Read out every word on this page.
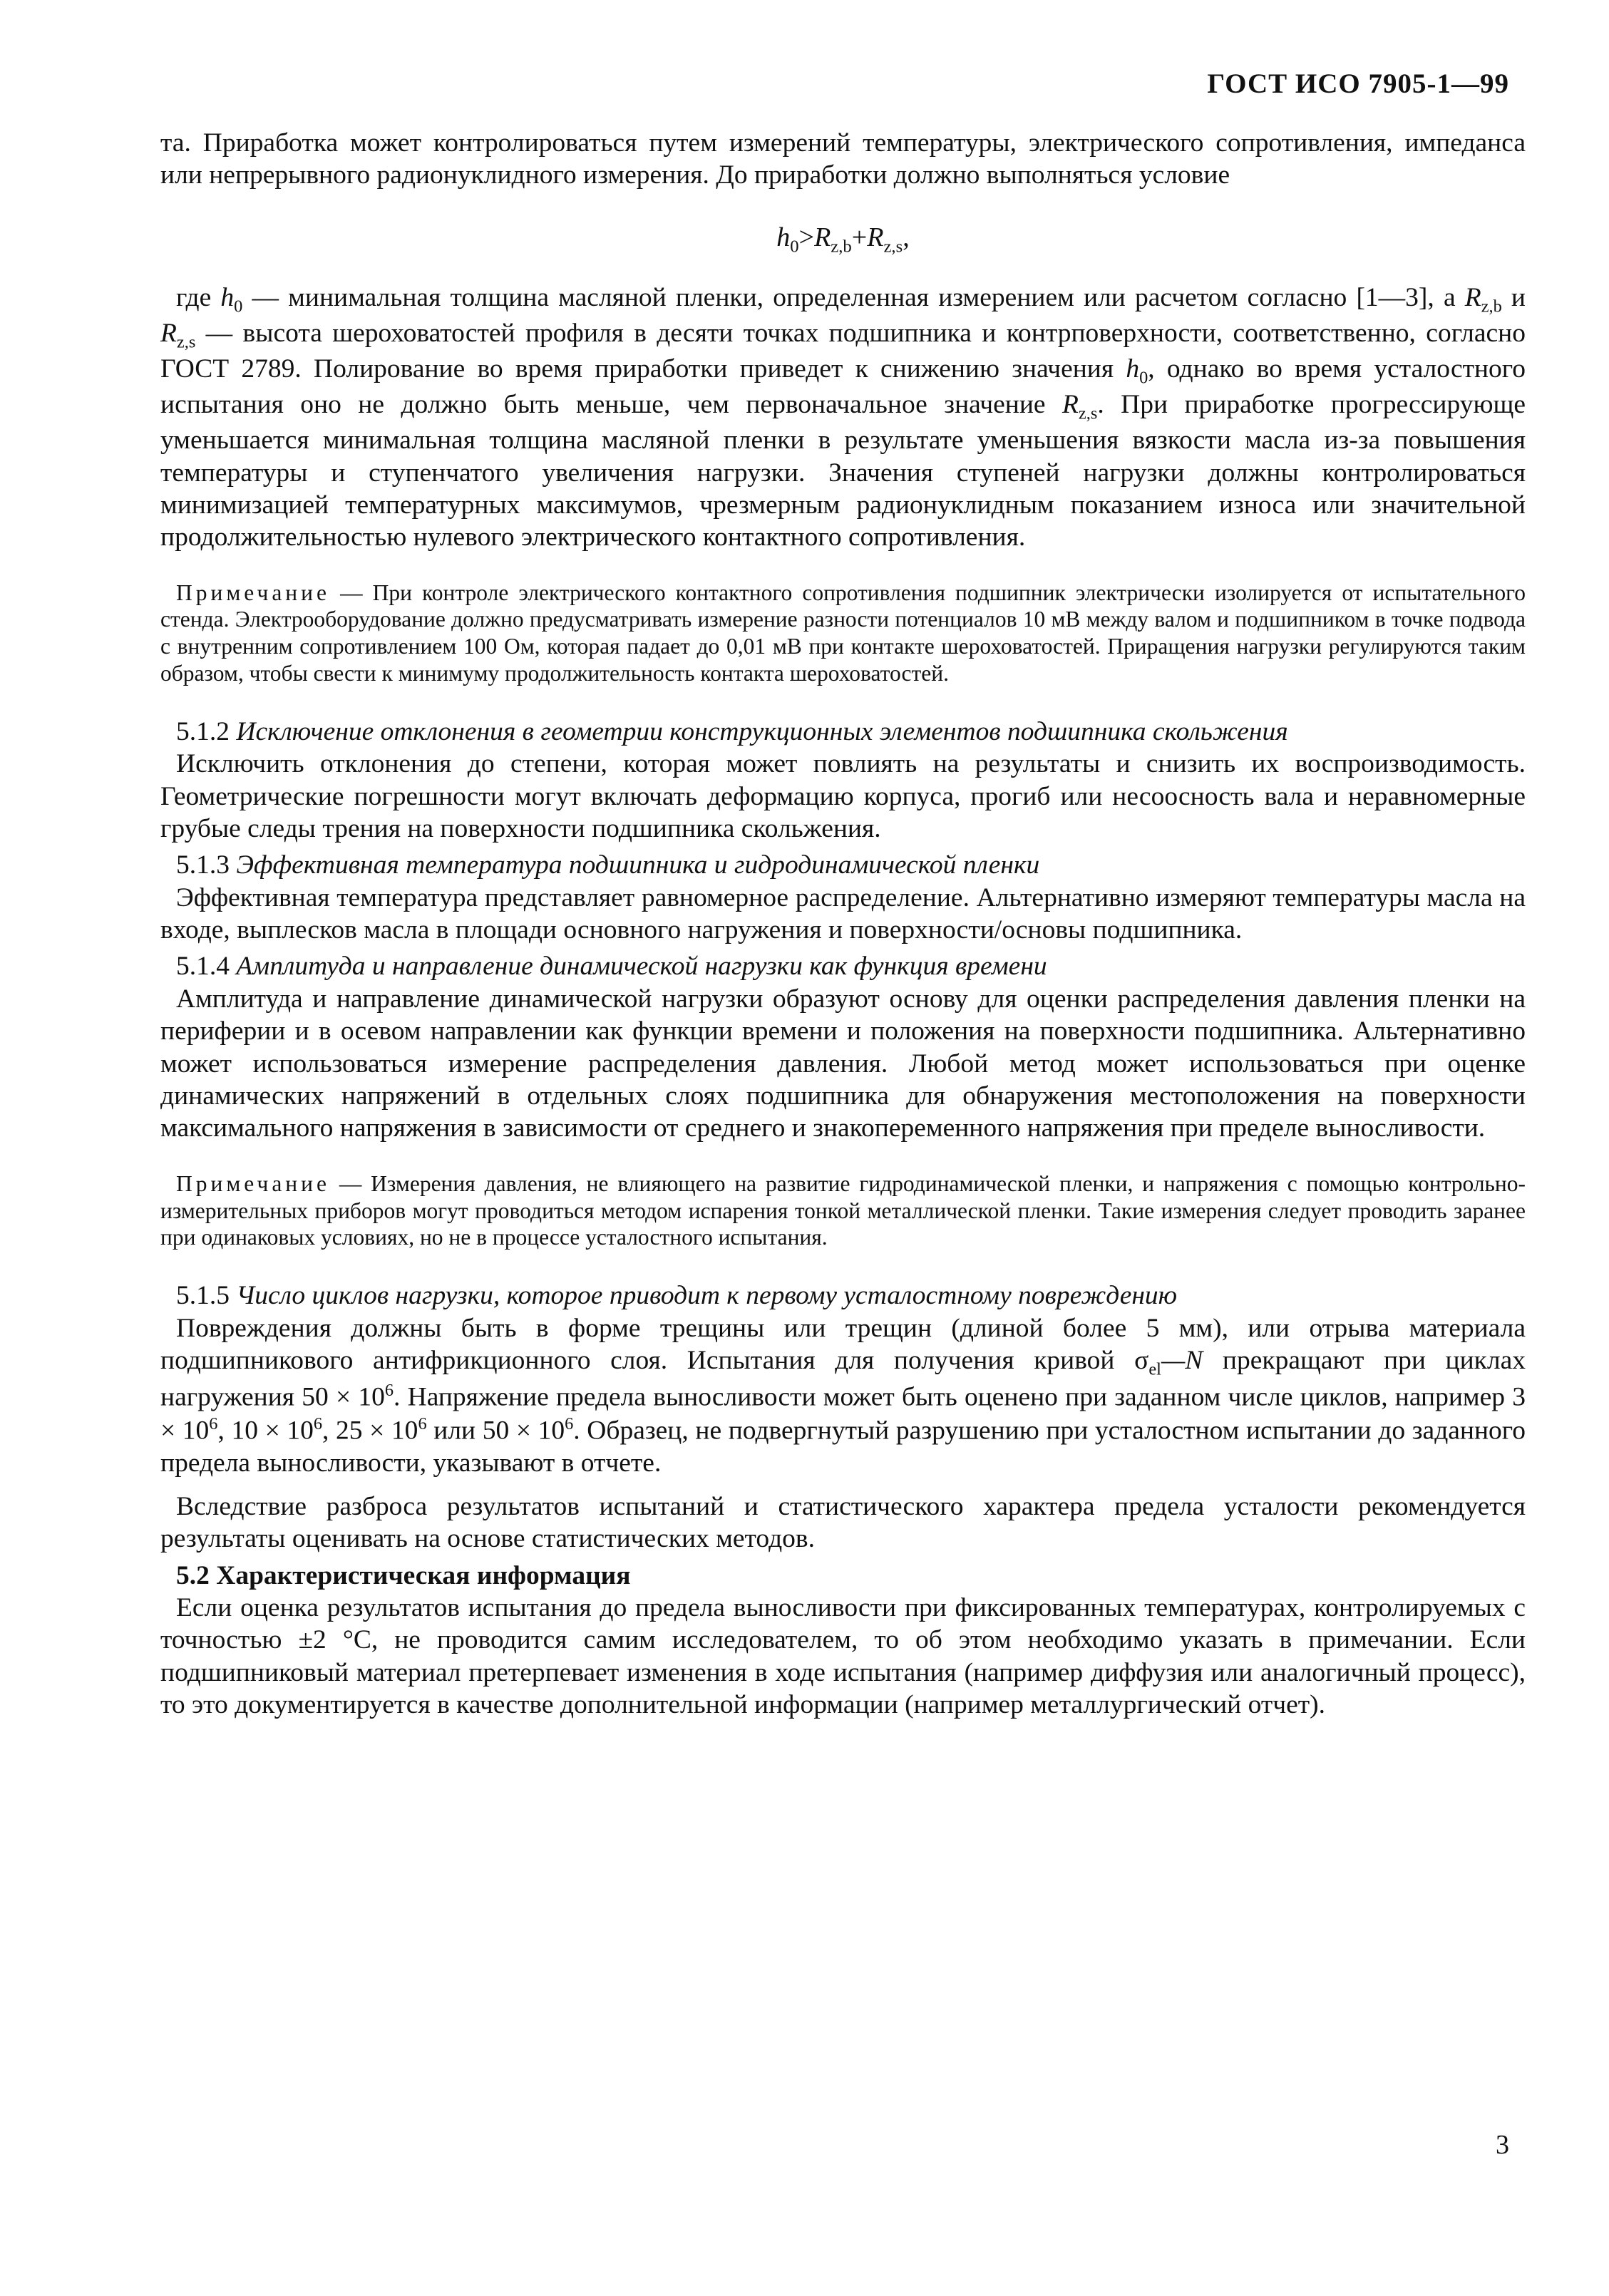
ГОСТ ИСО 7905-1—99

та. Приработка может контролироваться путем измерений температуры, электрического сопротивления, импеданса или непрерывного радионуклидного измерения. До приработки должно выполняться условие

$h_0>R_{z,b}+R_{z,s}$,

где $h_0$ — минимальная толщина масляной пленки, определенная измерением или расчетом согласно [1—3], а $R_{z,b}$ и $R_{z,s}$ — высота шероховатостей профиля в десяти точках подшипника и контрповерхности, соответственно, согласно ГОСТ 2789. Полирование во время приработки приведет к снижению значения $h_0$, однако во время усталостного испытания оно не должно быть меньше, чем первоначальное значение $R_{z,s}$. При приработке прогрессирующе уменьшается минимальная толщина масляной пленки в результате уменьшения вязкости масла из-за повышения температуры и ступенчатого увеличения нагрузки. Значения ступеней нагрузки должны контролироваться минимизацией температурных максимумов, чрезмерным радионуклидным показанием износа или значительной продолжительностью нулевого электрического контактного сопротивления.

Примечание — При контроле электрического контактного сопротивления подшипник электрически изолируется от испытательного стенда. Электрооборудование должно предусматривать измерение разности потенциалов 10 мВ между валом и подшипником в точке подвода с внутренним сопротивлением 100 Ом, которая падает до 0,01 мВ при контакте шероховатостей. Приращения нагрузки регулируются таким образом, чтобы свести к минимуму продолжительность контакта шероховатостей.

5.1.2 Исключение отклонения в геометрии конструкционных элементов подшипника скольжения

Исключить отклонения до степени, которая может повлиять на результаты и снизить их воспроизводимость. Геометрические погрешности могут включать деформацию корпуса, прогиб или несоосность вала и неравномерные грубые следы трения на поверхности подшипника скольжения.

5.1.3 Эффективная температура подшипника и гидродинамической пленки

Эффективная температура представляет равномерное распределение. Альтернативно измеряют температуры масла на входе, выплесков масла в площади основного нагружения и поверхности/основы подшипника.

5.1.4 Амплитуда и направление динамической нагрузки как функция времени

Амплитуда и направление динамической нагрузки образуют основу для оценки распределения давления пленки на периферии и в осевом направлении как функции времени и положения на поверхности подшипника. Альтернативно может использоваться измерение распределения давления. Любой метод может использоваться при оценке динамических напряжений в отдельных слоях подшипника для обнаружения местоположения на поверхности максимального напряжения в зависимости от среднего и знакопеременного напряжения при пределе выносливости.

Примечание — Измерения давления, не влияющего на развитие гидродинамической пленки, и напряжения с помощью контрольно-измерительных приборов могут проводиться методом испарения тонкой металлической пленки. Такие измерения следует проводить заранее при одинаковых условиях, но не в процессе усталостного испытания.

5.1.5 Число циклов нагрузки, которое приводит к первому усталостному повреждению

Повреждения должны быть в форме трещины или трещин (длиной более 5 мм), или отрыва материала подшипникового антифрикционного слоя. Испытания для получения кривой $\sigma_{el}—N$ прекращают при циклах нагружения $50 \times 10^6$. Напряжение предела выносливости может быть оценено при заданном числе циклов, например $3 \times 10^6$, $10 \times 10^6$, $25 \times 10^6$ или $50 \times 10^6$. Образец, не подвергнутый разрушению при усталостном испытании до заданного предела выносливости, указывают в отчете.

Вследствие разброса результатов испытаний и статистического характера предела усталости рекомендуется результаты оценивать на основе статистических методов.

5.2 Характеристическая информация

Если оценка результатов испытания до предела выносливости при фиксированных температурах, контролируемых с точностью ±2 °С, не проводится самим исследователем, то об этом необходимо указать в примечании. Если подшипниковый материал претерпевает изменения в ходе испытания (например диффузия или аналогичный процесс), то это документируется в качестве дополнительной информации (например металлургический отчет).

3
